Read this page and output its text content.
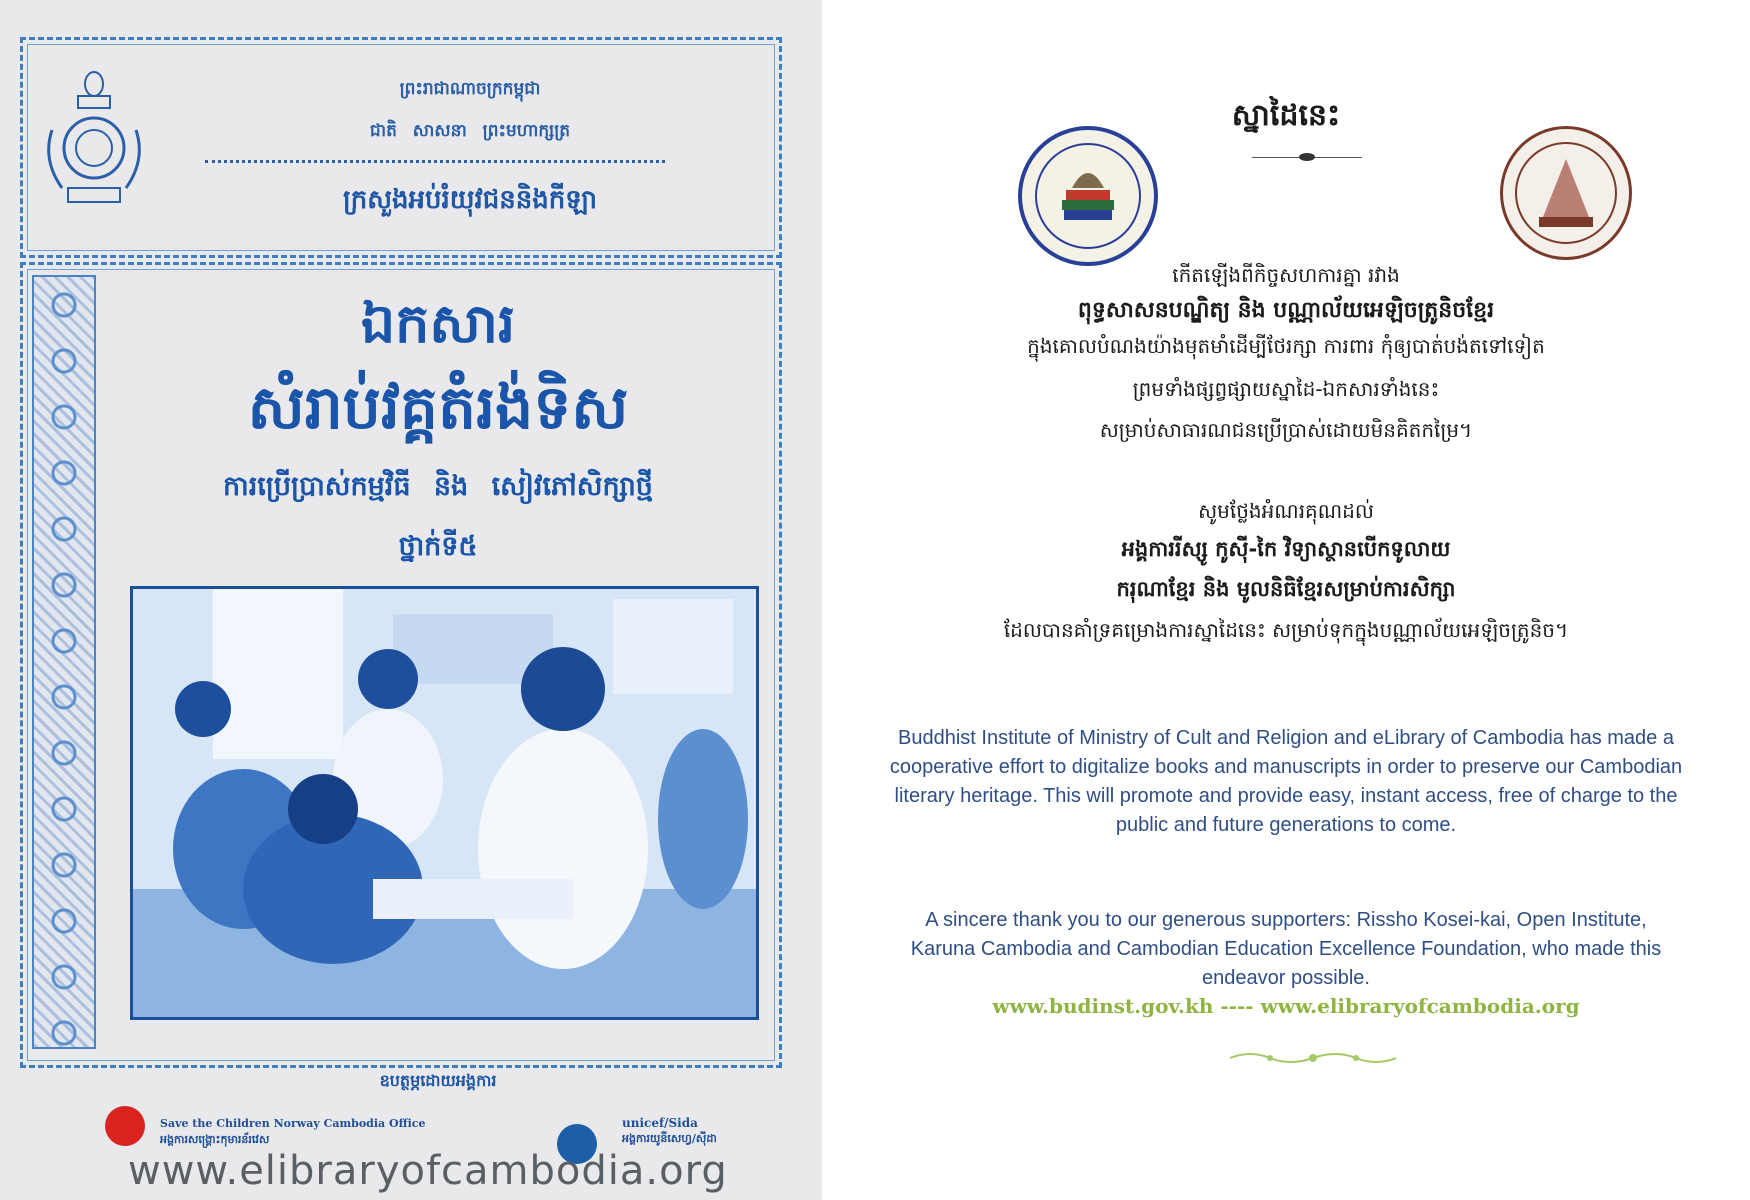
ព្រះរាជាណាចក្រកម្ពុជា
ជាតិ សាសនា ព្រះមហាក្សត្រ
ក្រសួងអប់រំយុវជននិងកីឡា
ឯកសារ
សំរាប់វគ្គតំរង់ទិស
ការប្រើប្រាស់កម្មវិធី និង សៀវភៅសិក្សាថ្មី
ថ្នាក់ទី៥
ឧបត្ថម្ភដោយអង្គការ
Save the Children Norway Cambodia Office
អង្គការសង្គ្រោះកុមារន័រវេស
unicef/Sida
អង្គការយូនីសេហ្វ/ស៊ីដា
www.elibraryofcambodia.org
ស្នាដៃនេះ
កើតឡើងពីកិច្ចសហការគ្នា រវាង
ពុទ្ធសាសនបណ្ឌិត្យ និង បណ្ណាល័យអេឡិចត្រូនិចខ្មែរ
ក្នុងគោលបំណងយ៉ាងមុតមាំដើម្បីថែរក្សា ការពារ កុំឲ្យបាត់បង់តទៅទៀត
ព្រមទាំងផ្សព្វផ្សាយស្នាដៃ-ឯកសារទាំងនេះ
សម្រាប់សាធារណជនប្រើប្រាស់ដោយមិនគិតកម្រៃ។
សូមថ្លែងអំណរគុណដល់
អង្គការរីស្សូ កូស៊ី-កៃ វិទ្យាស្ថានបើកទូលាយ
ករុណាខ្មែរ និង មូលនិធិខ្មែរសម្រាប់ការសិក្សា
ដែលបានគាំទ្រគម្រោងការស្នាដៃនេះ សម្រាប់ទុកក្នុងបណ្ណាល័យអេឡិចត្រូនិច។
Buddhist Institute of Ministry of Cult and Religion and eLibrary of Cambodia has made a cooperative effort to digitalize books and manuscripts in order to preserve our Cambodian literary heritage. This will promote and provide easy, instant access, free of charge to the public and future generations to come.
A sincere thank you to our generous supporters: Rissho Kosei-kai, Open Institute, Karuna Cambodia and Cambodian Education Excellence Foundation, who made this endeavor possible.
www.budinst.gov.kh ---- www.elibraryofcambodia.org
